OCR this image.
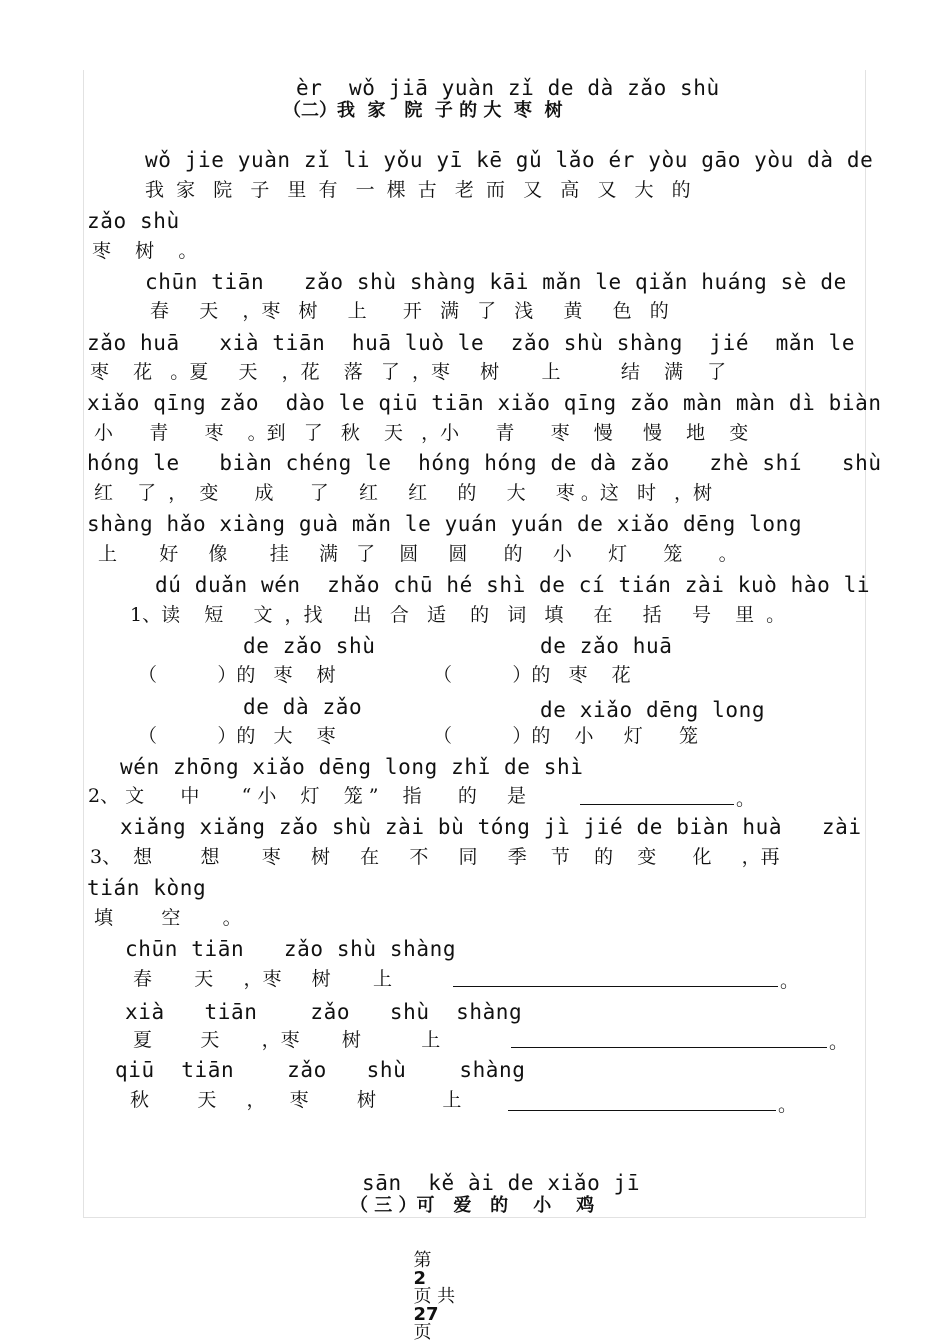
èr  wǒ jiā yuàn zǐ de dà zǎo shù
（二）我  家   院  子 的 大  枣  树
wǒ jie yuàn zǐ li yǒu yī kē gǔ lǎo ér yòu gāo yòu dà de
我  家   院   子   里  有   一  棵  古   老  而   又   高   又   大   的
zǎo shù
枣    树    。
chūn tiān   zǎo shù shàng kāi mǎn le qiǎn huáng sè de
春     天    ，枣   树     上      开   满   了   浅     黄     色   的
zǎo huā   xià tiān  huā luò le  zǎo shù shàng  jié  mǎn le
枣    花   。夏     天    ，花    落   了  ，枣     树       上          结    满    了
xiǎo qīng zǎo  dào le qiū tiān xiǎo qīng zǎo màn màn dì biàn
小      青      枣    。到   了   秋    天   ，小      青      枣    慢     慢    地    变
hóng le   biàn chéng le  hóng hóng de dà zǎo   zhè shí   shù
红    了  ，  变      成      了     红     红     的     大     枣 。这   时   ，树
shàng hǎo xiàng guà mǎn le yuán yuán de xiǎo dēng long
上       好     像       挂     满   了    圆     圆      的     小      灯      笼      。
dú duǎn wén  zhǎo chū hé shì de cí tián zài kuò hào li
1、读    短     文  ，找     出   合   适    的   词   填     在     括     号    里  。
de zǎo shù
（          ）的   枣    树
de zǎo huā
（          ）的   枣    花
de dà zǎo
（          ）的   大    枣
de xiǎo dēng long
（          ）的    小     灯      笼
wén zhōng xiǎo dēng long zhǐ de shì
2、 文      中       “ 小    灯    笼 ”    指      的     是	。
xiǎng xiǎng zǎo shù zài bù tóng jì jié de biàn huà   zài
3、  想        想       枣     树     在     不     同     季    节    的    变      化     ，再
tián kòng
填        空       。
chūn tiān   zǎo shù shàng
春       天     ，枣     树       上	。
xià   tiān    zǎo   shù  shàng
夏        天       ，枣       树          上	。
qiū  tiān    zǎo   shù    shàng
秋        天     ，    枣        树           上	。
sān  kě ài de xiǎo jī
（ 三 ）可   爱   的    小    鸡

第
2
页 共
27
页
